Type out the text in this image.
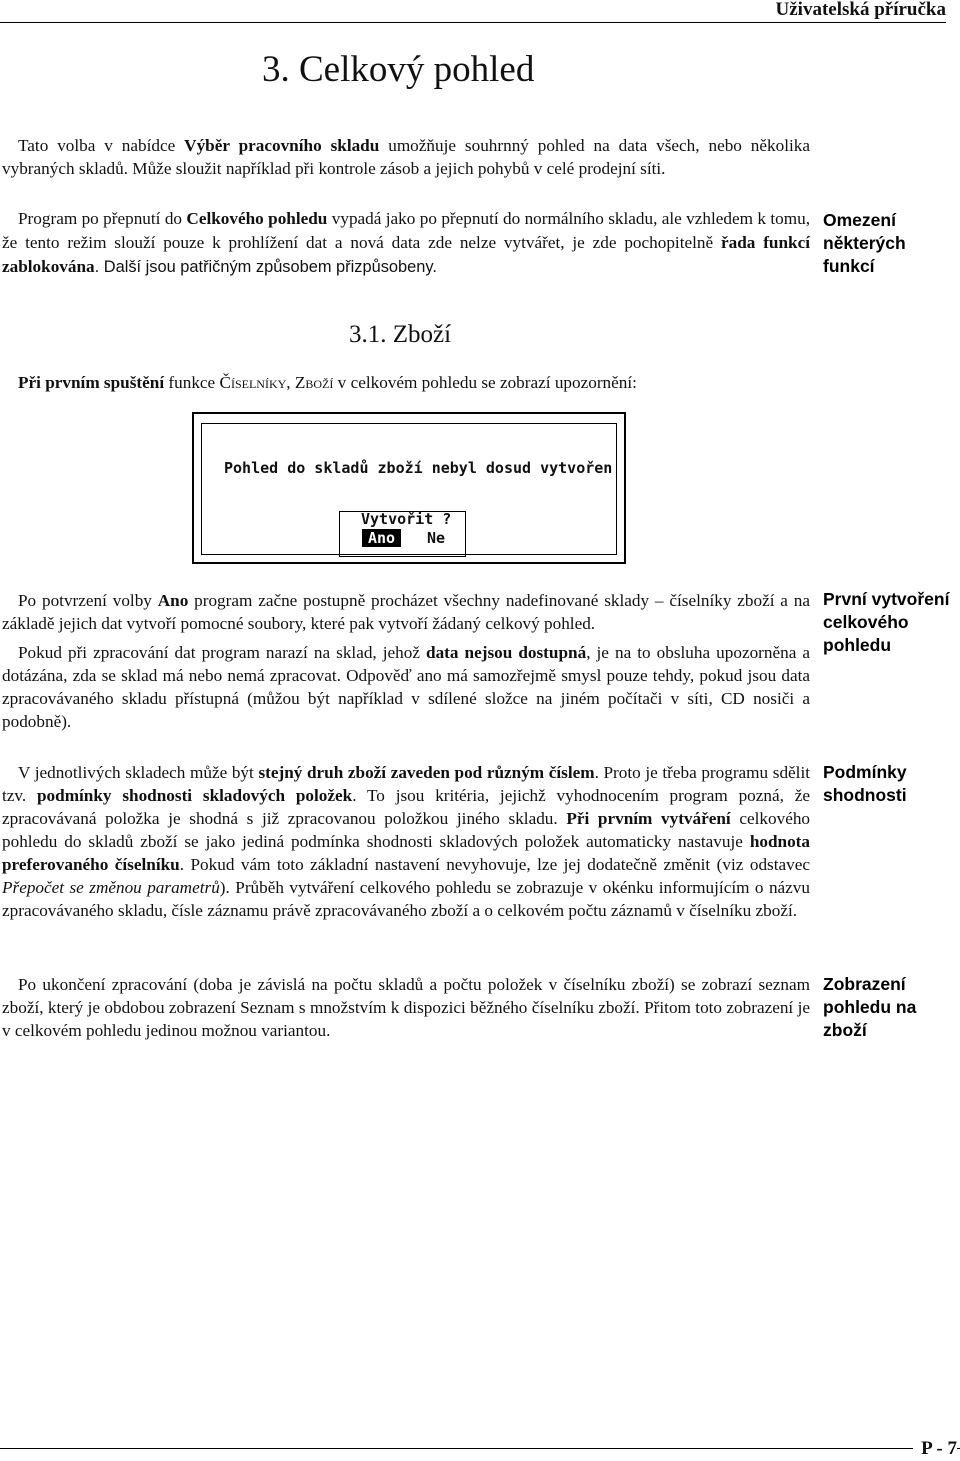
Uživatelská příručka
3. Celkový pohled

Tato volba v nabídce Výběr pracovního skladu umožňuje souhrnný pohled na data všech, nebo několika vybraných skladů. Může sloužit například při kontrole zásob a jejich pohybů v celé prodejní síti.

Program po přepnutí do Celkového pohledu vypadá jako po přepnutí do normálního skladu, ale vzhledem k tomu, že tento režim slouží pouze k prohlížení dat a nová data zde nelze vytvářet, je zde pochopitelně řada funkcí zablokována. Další jsou patřičným způsobem přizpůsobeny.

Omezení některých funkcí
3.1. Zboží

Při prvním spuštění funkce Číselníky, Zboží v celkovém pohledu se zobrazí upozornění:

Pohled do skladů zboží nebyl dosud vytvořen
Vytvořit ?
Ano	Ne

Po potvrzení volby Ano program začne postupně procházet všechny nadefinované sklady – číselníky zboží a na základě jejich dat vytvoří pomocné soubory, které pak vytvoří žádaný celkový pohled.

Pokud při zpracování dat program narazí na sklad, jehož data nejsou dostupná, je na to obsluha upozorněna a dotázána, zda se sklad má nebo nemá zpracovat. Odpověď ano má samozřejmě smysl pouze tehdy, pokud jsou data zpracovávaného skladu přístupná (můžou být například v sdílené složce na jiném počítači v síti, CD nosiči a podobně).

První vytvoření celkového pohledu

V jednotlivých skladech může být stejný druh zboží zaveden pod různým číslem. Proto je třeba programu sdělit tzv. podmínky shodnosti skladových položek. To jsou kritéria, jejichž vyhodnocením program pozná, že zpracovávaná položka je shodná s již zpracovanou položkou jiného skladu. Při prvním vytváření celkového pohledu do skladů zboží se jako jediná podmínka shodnosti skladových položek automaticky nastavuje hodnota preferovaného číselníku. Pokud vám toto základní nastavení nevyhovuje, lze jej dodatečně změnit (viz odstavec Přepočet se změnou parametrů). Průběh vytváření celkového pohledu se zobrazuje v okénku informujícím o názvu zpracovávaného skladu, čísle záznamu právě zpracovávaného zboží a o celkovém počtu záznamů v číselníku zboží.

Podmínky shodnosti

Po ukončení zpracování (doba je závislá na počtu skladů a počtu položek v číselníku zboží) se zobrazí seznam zboží, který je obdobou zobrazení Seznam s množstvím k dispozici běžného číselníku zboží. Přitom toto zobrazení je v celkovém pohledu jedinou možnou variantou.

Zobrazení pohledu na zboží
P - 7
